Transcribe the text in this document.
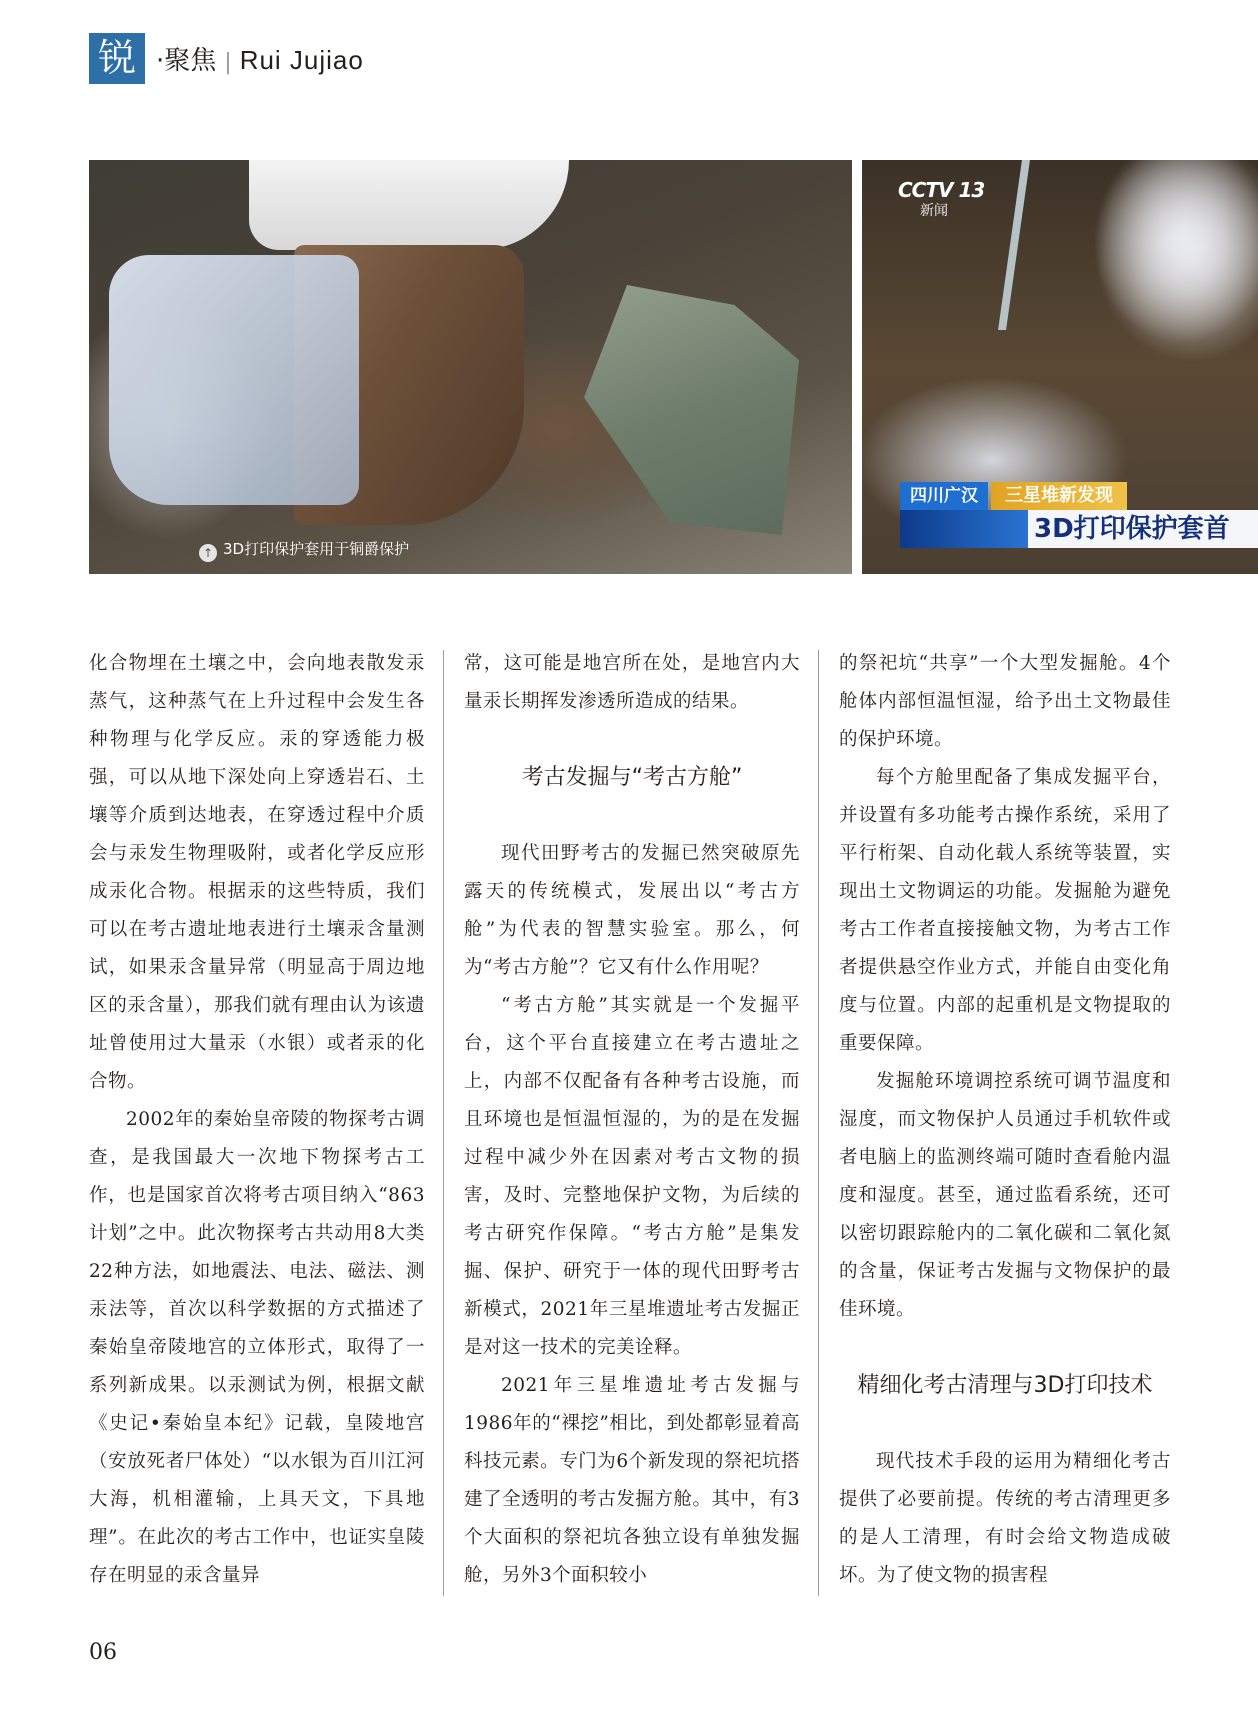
锐 ·聚焦 | Rui Jujiao
↑ 3D打印保护套用于铜爵保护
CCTV 13
新闻
四川广汉	三星堆新发现
3D打印保护套首

化合物埋在土壤之中，会向地表散发汞蒸气，这种蒸气在上升过程中会发生各种物理与化学反应。汞的穿透能力极强，可以从地下深处向上穿透岩石、土壤等介质到达地表，在穿透过程中介质会与汞发生物理吸附，或者化学反应形成汞化合物。根据汞的这些特质，我们可以在考古遗址地表进行土壤汞含量测试，如果汞含量异常（明显高于周边地区的汞含量），那我们就有理由认为该遗址曾使用过大量汞（水银）或者汞的化合物。

2002年的秦始皇帝陵的物探考古调查，是我国最大一次地下物探考古工作，也是国家首次将考古项目纳入“863计划”之中。此次物探考古共动用8大类22种方法，如地震法、电法、磁法、测汞法等，首次以科学数据的方式描述了秦始皇帝陵地宫的立体形式，取得了一系列新成果。以汞测试为例，根据文献《史记•秦始皇本纪》记载，皇陵地宫（安放死者尸体处）“以水银为百川江河大海，机相灌输，上具天文，下具地理”。在此次的考古工作中，也证实皇陵存在明显的汞含量异

常，这可能是地宫所在处，是地宫内大量汞长期挥发渗透所造成的结果。

考古发掘与“考古方舱”

现代田野考古的发掘已然突破原先露天的传统模式，发展出以“考古方舱”为代表的智慧实验室。那么，何为“考古方舱”？它又有什么作用呢？

“考古方舱”其实就是一个发掘平台，这个平台直接建立在考古遗址之上，内部不仅配备有各种考古设施，而且环境也是恒温恒湿的，为的是在发掘过程中减少外在因素对考古文物的损害，及时、完整地保护文物，为后续的考古研究作保障。“考古方舱”是集发掘、保护、研究于一体的现代田野考古新模式，2021年三星堆遗址考古发掘正是对这一技术的完美诠释。

2021年三星堆遗址考古发掘与1986年的“裸挖”相比，到处都彰显着高科技元素。专门为6个新发现的祭祀坑搭建了全透明的考古发掘方舱。其中，有3个大面积的祭祀坑各独立设有单独发掘舱，另外3个面积较小

的祭祀坑“共享”一个大型发掘舱。4个舱体内部恒温恒湿，给予出土文物最佳的保护环境。

每个方舱里配备了集成发掘平台，并设置有多功能考古操作系统，采用了平行桁架、自动化载人系统等装置，实现出土文物调运的功能。发掘舱为避免考古工作者直接接触文物，为考古工作者提供悬空作业方式，并能自由变化角度与位置。内部的起重机是文物提取的重要保障。

发掘舱环境调控系统可调节温度和湿度，而文物保护人员通过手机软件或者电脑上的监测终端可随时查看舱内温度和湿度。甚至，通过监看系统，还可以密切跟踪舱内的二氧化碳和二氧化氮的含量，保证考古发掘与文物保护的最佳环境。

精细化考古清理与3D打印技术

现代技术手段的运用为精细化考古提供了必要前提。传统的考古清理更多的是人工清理，有时会给文物造成破坏。为了使文物的损害程

06
